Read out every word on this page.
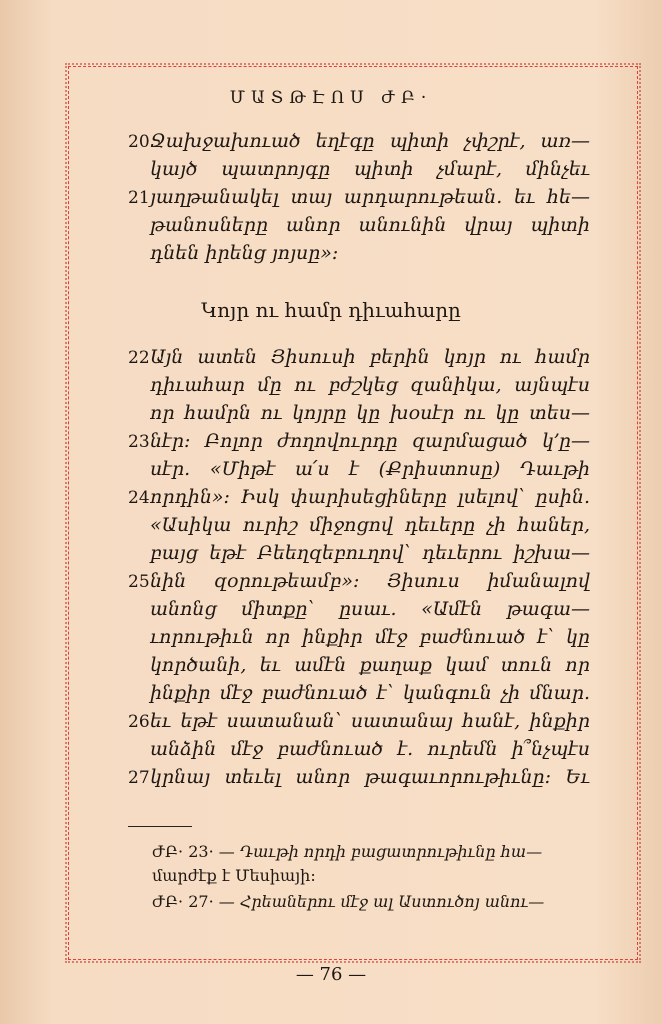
ՄԱՏԹԷՈՍ ԺԲ·
20
21
Ջախջախուած եղէգը պիտի չփշրէ, առ—
կայծ պատրոյգը պիտի չմարէ, մինչեւ
յաղթանակել տայ արդարութեան. եւ հե—
թանոսները անոր անունին վրայ պիտի
դնեն իրենց յոյսը»:
Կոյր ու համր դիւահարը
22
23
24
25
26
27
Այն ատեն Յիսուսի բերին կոյր ու համր
դիւահար մը ու բժշկեց զանիկա, այնպէս
որ համրն ու կոյրը կը խօսէր ու կը տես—
նէր: Բոլոր ժողովուրդը զարմացած կ՚ը—
սէր. «Միթէ ա՛ս է (Քրիստոսը) Դաւթի
որդին»: Իսկ փարիսեցիները լսելով՝ ըսին.
«Ասիկա ուրիշ միջոցով դեւերը չի հաներ,
բայց եթէ Բեեղզեբուղով՝ դեւերու իշխա—
նին զօրութեամբ»: Յիսուս իմանալով
անոնց միտքը՝ ըսաւ. «Ամէն թագա—
ւորութիւն որ ինքիր մէջ բաժնուած է՝ կը
կործանի, եւ ամէն քաղաք կամ տուն որ
ինքիր մէջ բաժնուած է՝ կանգուն չի մնար.
եւ եթէ սատանան՝ սատանայ հանէ, ինքիր
անձին մէջ բաժնուած է. ուրեմն ի՞նչպէս
կրնայ տեւել անոր թագաւորութիւնը: Եւ
ԺԲ· 23· — Դաւթի որդի բացատրութիւնը հա—
մարժէք է Մեսիայի:
ԺԲ· 27· — Հրեաներու մէջ ալ Աստուծոյ անու—
— 76 —
